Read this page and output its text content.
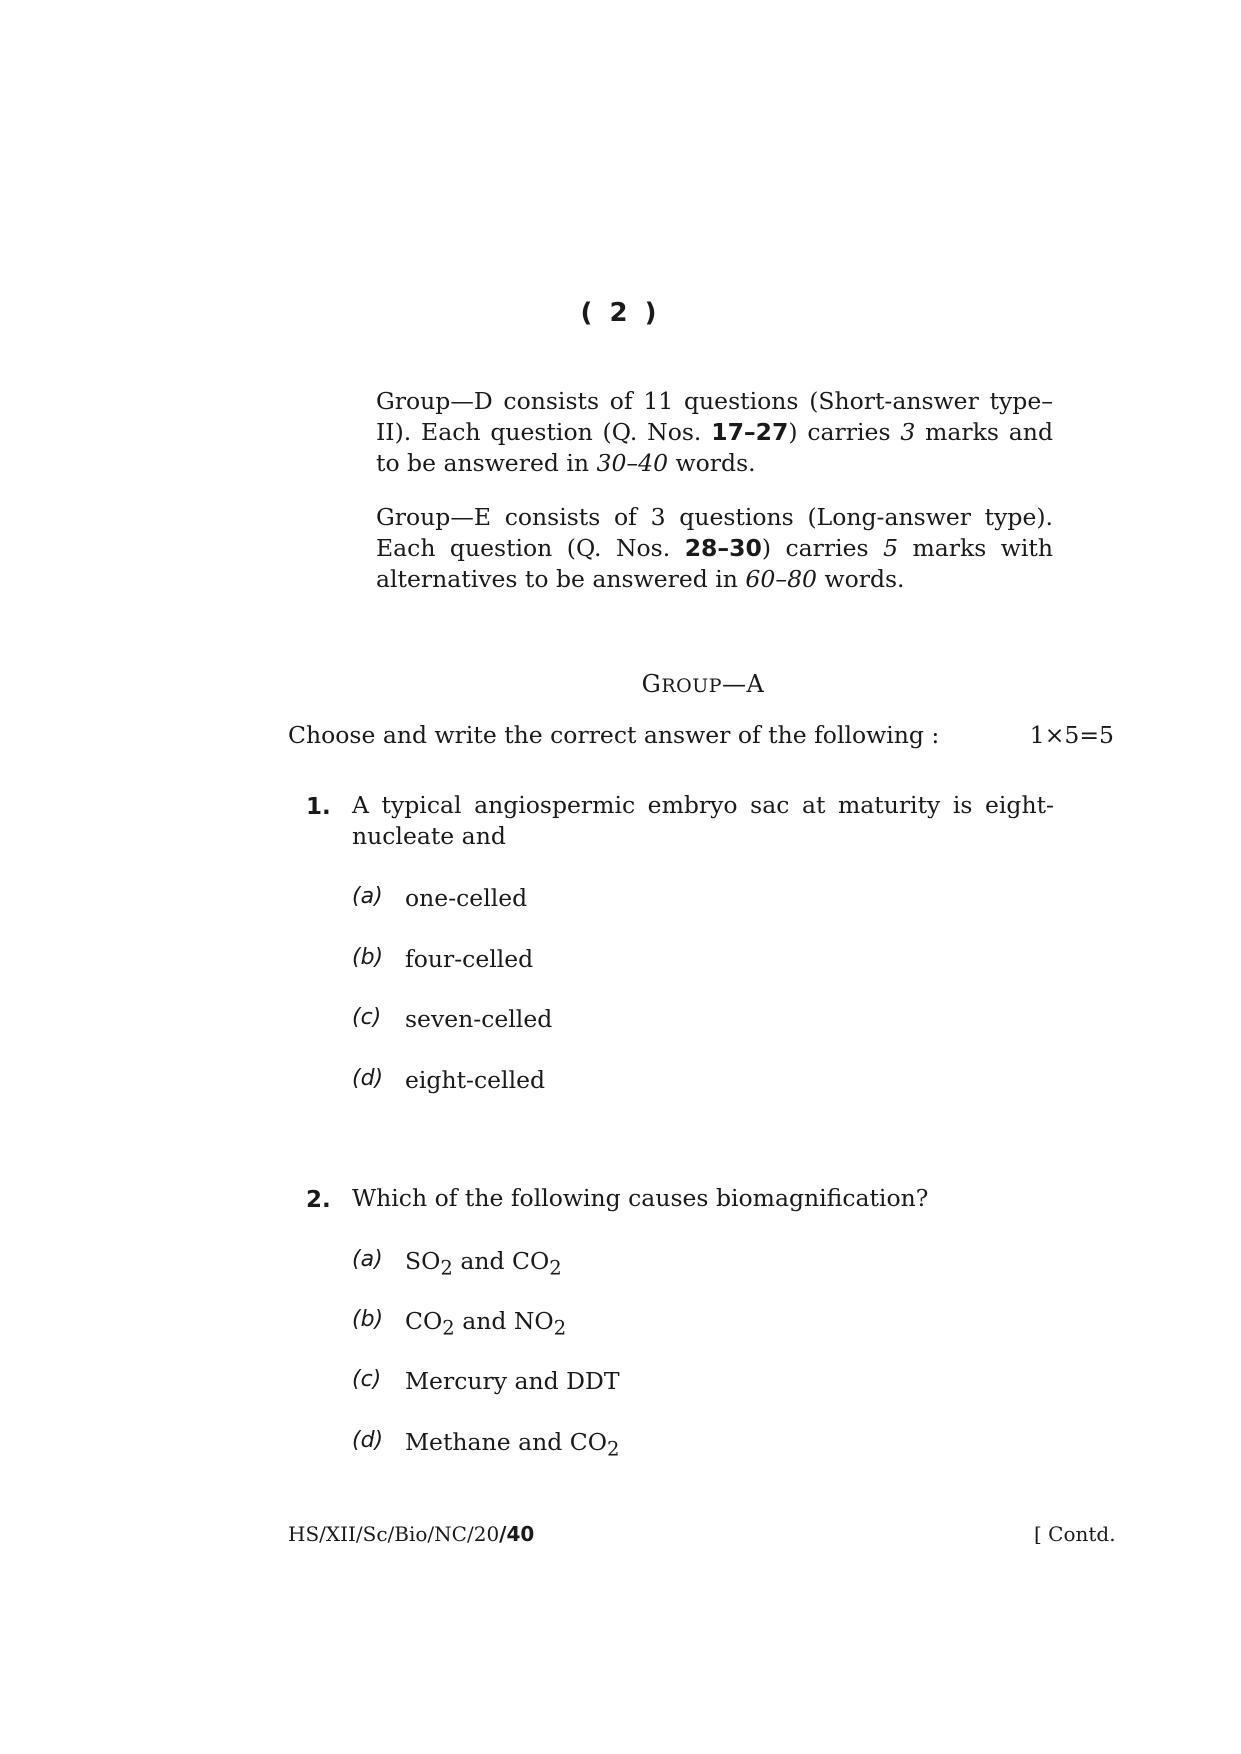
( 2 )

Group—D consists of 11 questions (Short-answer type–II). Each question (Q. Nos. 17–27) carries 3 marks and to be answered in 30–40 words.

Group—E consists of 3 questions (Long-answer type). Each question (Q. Nos. 28–30) carries 5 marks with alternatives to be answered in 60–80 words.

GROUP—A
Choose and write the correct answer of the following :	1×5=5
1. A typical angiospermic embryo sac at maturity is eight-nucleate and

(a) one-celled
(b) four-celled
(c) seven-celled
(d) eight-celled
2. Which of the following causes biomagnification?

(a) $SO_2$ and $CO_2$
(b) $CO_2$ and $NO_2$
(c) Mercury and DDT
(d) Methane and $CO_2$
HS/XII/Sc/Bio/NC/20/40	[ Contd.
